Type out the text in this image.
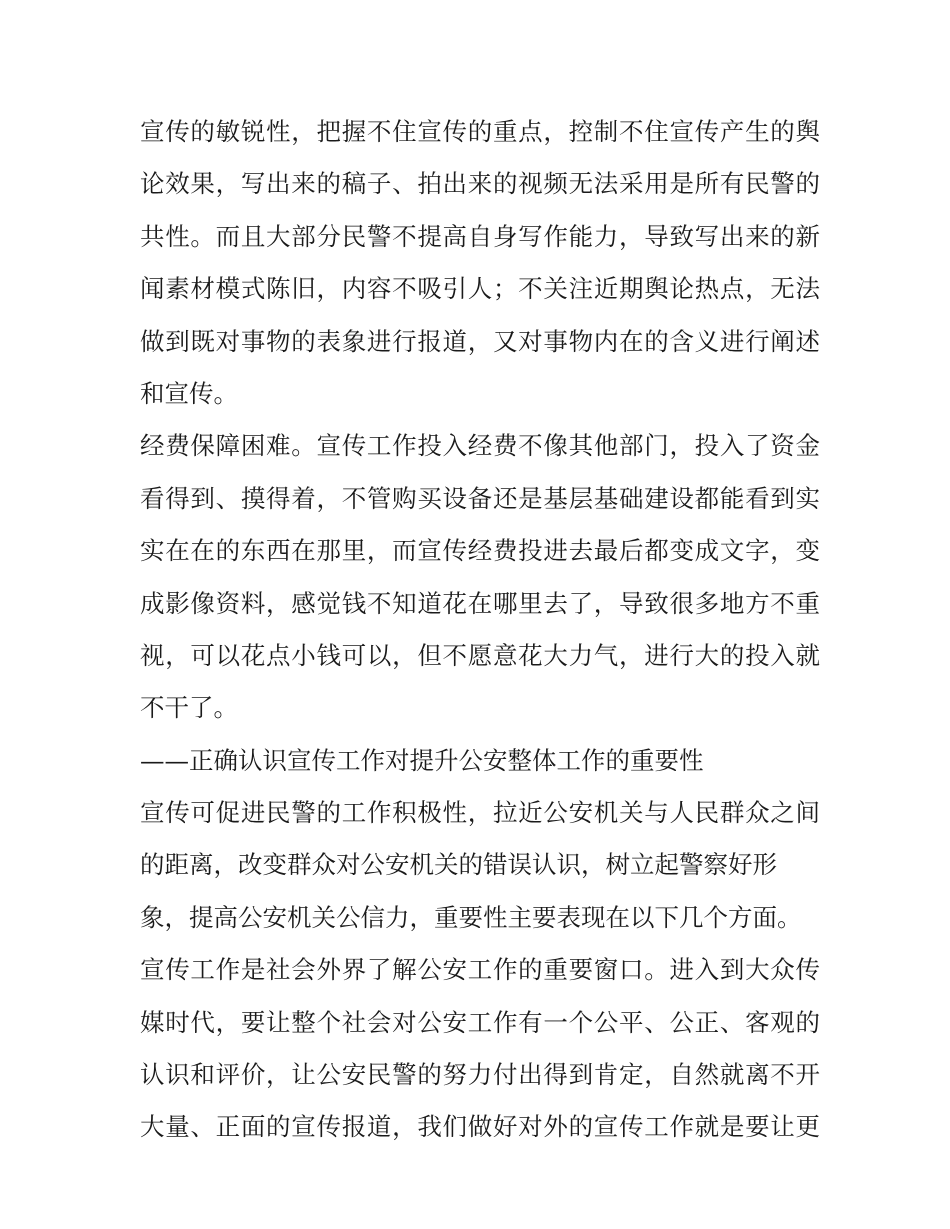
宣传的敏锐性，把握不住宣传的重点，控制不住宣传产生的舆
论效果，写出来的稿子、拍出来的视频无法采用是所有民警的
共性。而且大部分民警不提高自身写作能力，导致写出来的新
闻素材模式陈旧，内容不吸引人；不关注近期舆论热点，无法
做到既对事物的表象进行报道，又对事物内在的含义进行阐述
和宣传。
经费保障困难。宣传工作投入经费不像其他部门，投入了资金
看得到、摸得着，不管购买设备还是基层基础建设都能看到实
实在在的东西在那里，而宣传经费投进去最后都变成文字，变
成影像资料，感觉钱不知道花在哪里去了，导致很多地方不重
视，可以花点小钱可以，但不愿意花大力气，进行大的投入就
不干了。
——正确认识宣传工作对提升公安整体工作的重要性
宣传可促进民警的工作积极性，拉近公安机关与人民群众之间
的距离，改变群众对公安机关的错误认识，树立起警察好形
象，提高公安机关公信力，重要性主要表现在以下几个方面。
宣传工作是社会外界了解公安工作的重要窗口。进入到大众传
媒时代，要让整个社会对公安工作有一个公平、公正、客观的
认识和评价，让公安民警的努力付出得到肯定，自然就离不开
大量、正面的宣传报道，我们做好对外的宣传工作就是要让更
